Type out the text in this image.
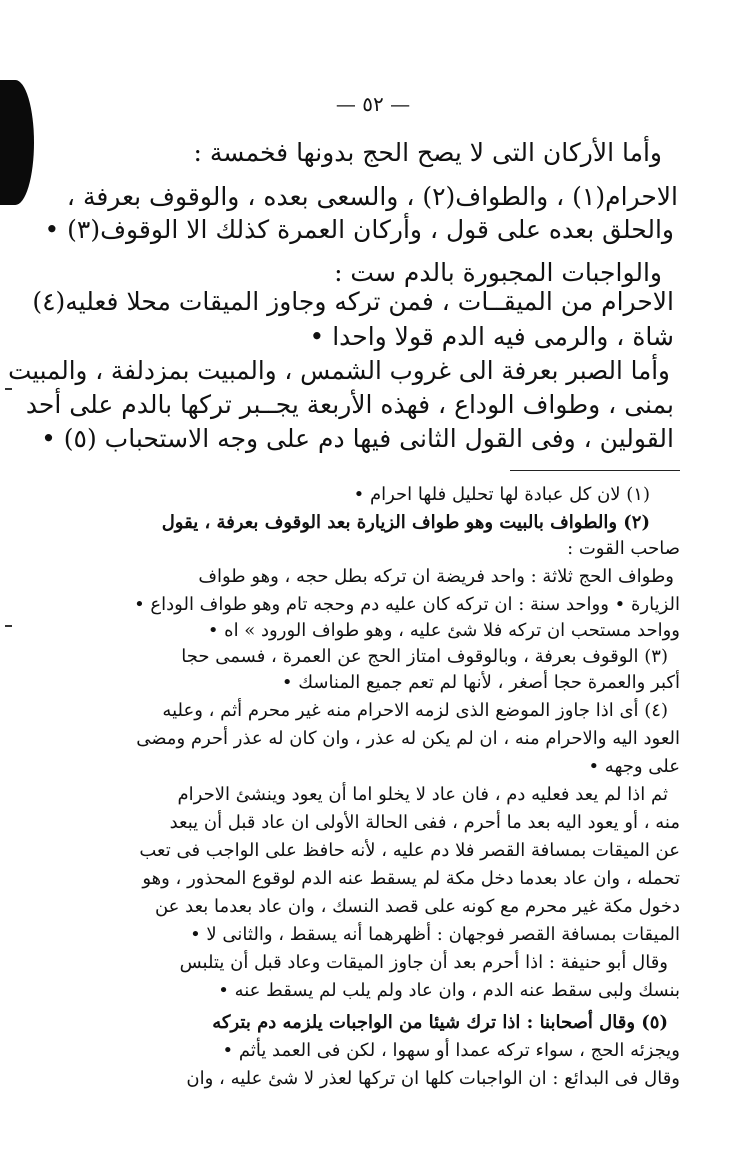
— ٥٢ —
وأما الأركان التى لا يصح الحج بدونها فخمسة :
الاحرام(١) ، والطواف(٢) ، والسعى بعده ، والوقوف بعرفة ،
والحلق بعده على قول ، وأركان العمرة كذلك الا الوقوف(٣) •
والواجبات المجبورة بالدم ست :
الاحرام من الميقــات ، فمن تركه وجاوز الميقات محلا فعليه(٤)
شاة ، والرمى فيه الدم قولا واحدا •
وأما الصبر بعرفة الى غروب الشمس ، والمبيت بمزدلفة ، والمبيت
بمنى ، وطواف الوداع ، فهذه الأربعة يجــبر تركها بالدم على أحد
القولين ، وفى القول الثانى فيها دم على وجه الاستحباب (٥) •
(١) لان كل عبادة لها تحليل فلها احرام •
(٢) والطواف بالبيت وهو طواف الزيارة بعد الوقوف بعرفة ، يقول
صاحب القوت :
وطواف الحج ثلاثة : واحد فريضة ان تركه بطل حجه ، وهو طواف
الزيارة • وواحد سنة : ان تركه كان عليه دم وحجه تام وهو طواف الوداع •
وواحد مستحب ان تركه فلا شئ عليه ، وهو طواف الورود » اه •
(٣) الوقوف بعرفة ، وبالوقوف امتاز الحج عن العمرة ، فسمى حجا
أكبر والعمرة حجا أصغر ، لأنها لم تعم جميع المناسك •
(٤) أى اذا جاوز الموضع الذى لزمه الاحرام منه غير محرم أثم ، وعليه
العود اليه والاحرام منه ، ان لم يكن له عذر ، وان كان له عذر أحرم ومضى
على وجهه •
ثم اذا لم يعد فعليه دم ، فان عاد لا يخلو اما أن يعود وينشئ الاحرام
منه ، أو يعود اليه بعد ما أحرم ، ففى الحالة الأولى ان عاد قبل أن يبعد
عن الميقات بمسافة القصر فلا دم عليه ، لأنه حافظ على الواجب فى تعب
تحمله ، وان عاد بعدما دخل مكة لم يسقط عنه الدم لوقوع المحذور ، وهو
دخول مكة غير محرم مع كونه على قصد النسك ، وان عاد بعدما بعد عن
الميقات بمسافة القصر فوجهان : أظهرهما أنه يسقط ، والثانى لا •
وقال أبو حنيفة : اذا أحرم بعد أن جاوز الميقات وعاد قبل أن يتلبس
بنسك ولبى سقط عنه الدم ، وان عاد ولم يلب لم يسقط عنه •
(٥) وقال أصحابنا : اذا ترك شيئا من الواجبات يلزمه دم بتركه
ويجزئه الحج ، سواء تركه عمدا أو سهوا ، لكن فى العمد يأثم •
وقال فى البدائع : ان الواجبات كلها ان تركها لعذر لا شئ عليه ، وان
